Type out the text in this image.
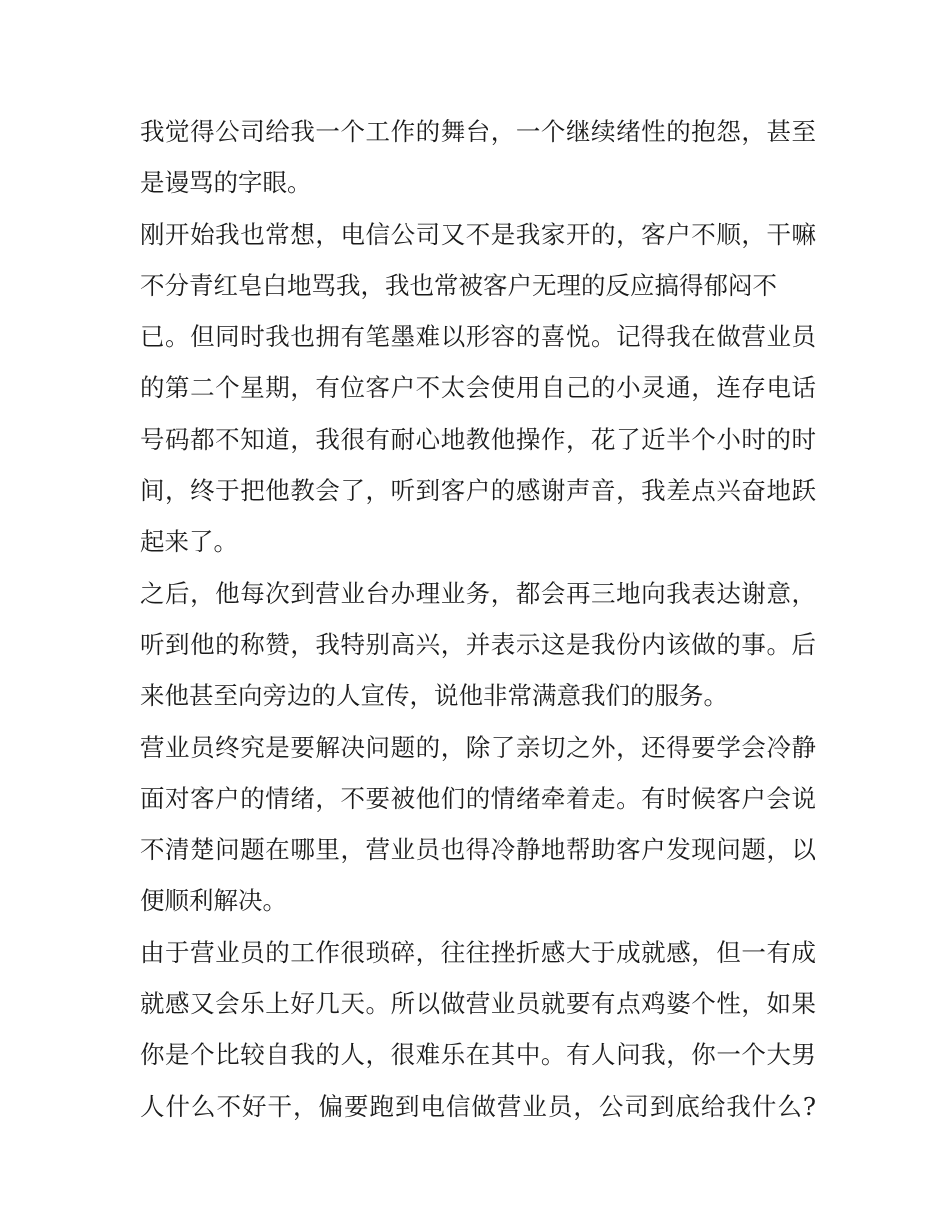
我觉得公司给我一个工作的舞台，一个继续绪性的抱怨，甚至
是谩骂的字眼。
刚开始我也常想，电信公司又不是我家开的，客户不顺，干嘛
不分青红皂白地骂我，我也常被客户无理的反应搞得郁闷不
已。但同时我也拥有笔墨难以形容的喜悦。记得我在做营业员
的第二个星期，有位客户不太会使用自己的小灵通，连存电话
号码都不知道，我很有耐心地教他操作，花了近半个小时的时
间，终于把他教会了，听到客户的感谢声音，我差点兴奋地跃
起来了。
之后，他每次到营业台办理业务，都会再三地向我表达谢意，
听到他的称赞，我特别高兴，并表示这是我份内该做的事。后
来他甚至向旁边的人宣传，说他非常满意我们的服务。
营业员终究是要解决问题的，除了亲切之外，还得要学会冷静
面对客户的情绪，不要被他们的情绪牵着走。有时候客户会说
不清楚问题在哪里，营业员也得冷静地帮助客户发现问题，以
便顺利解决。
由于营业员的工作很琐碎，往往挫折感大于成就感，但一有成
就感又会乐上好几天。所以做营业员就要有点鸡婆个性，如果
你是个比较自我的人，很难乐在其中。有人问我，你一个大男
人什么不好干，偏要跑到电信做营业员，公司到底给我什么?
